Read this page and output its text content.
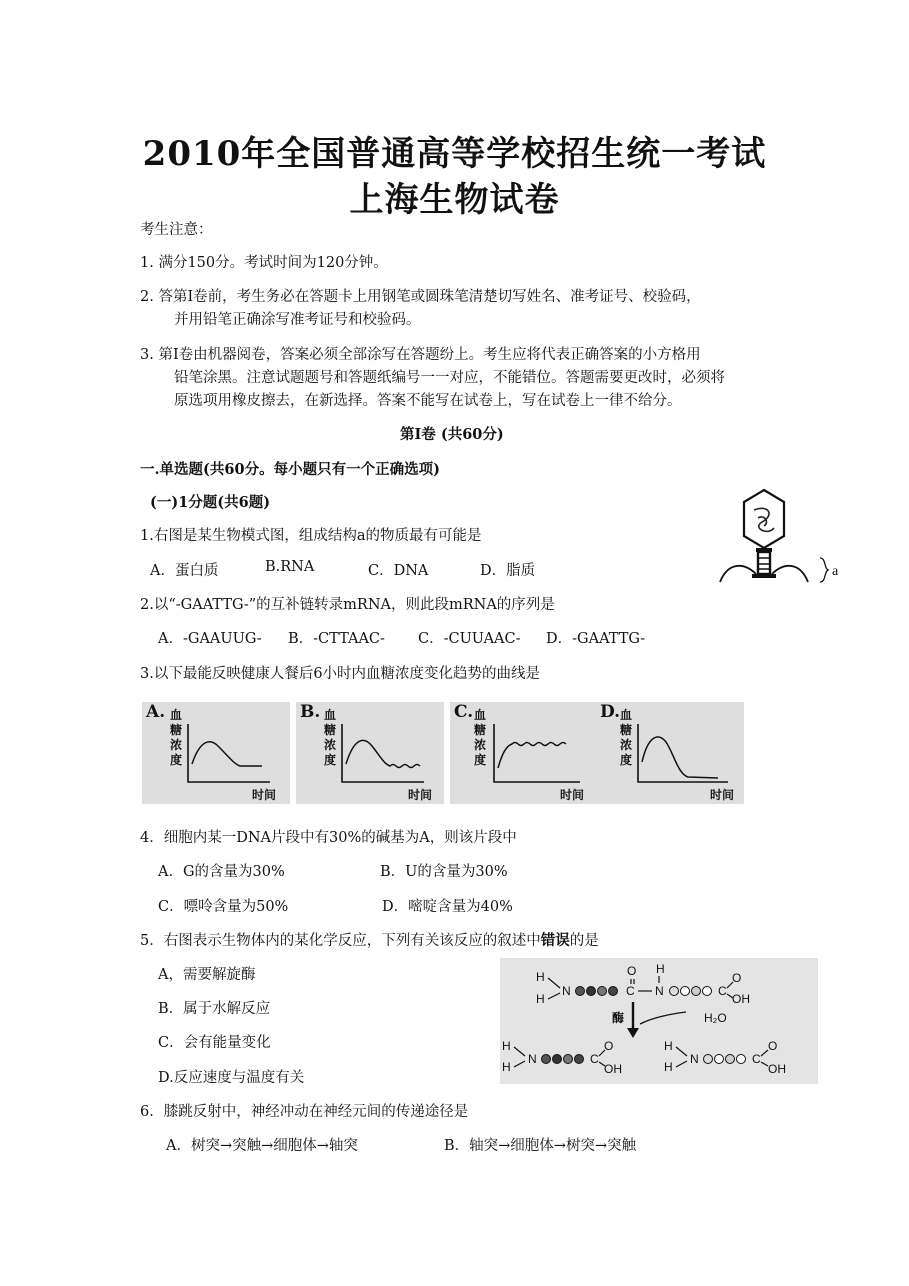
2010年全国普通高等学校招生统一考试
上海生物试卷
考生注意：
1. 满分150分。考试时间为120分钟。
2. 答第Ⅰ卷前，考生务必在答题卡上用钢笔或圆珠笔清楚切写姓名、准考证号、校验码，
并用铅笔正确涂写准考证号和校验码。
3. 第Ⅰ卷由机器阅卷，答案必须全部涂写在答题纷上。考生应将代表正确答案的小方格用
铅笔涂黑。注意试题题号和答题纸编号一一对应，不能错位。答题需要更改时，必须将
原选项用橡皮擦去，在新选择。答案不能写在试卷上，写在试卷上一律不给分。
第Ⅰ卷 (共60分)
一.单选题(共60分。每小题只有一个正确选项)
(一)1分题(共6题)
1.右图是某生物模式图，组成结构a的物质最有可能是
A．蛋白质	B.RNA	C．DNA	D．脂质	a
2.以“-GAATTG-”的互补链转录mRNA，则此段mRNA的序列是
A．-GAAUUG- B．-CTTAAC- C．-CUUAAC- D．-GAATTG-
3.以下最能反映健康人餐后6小时内血糖浓度变化趋势的曲线是
A. 血
糖
浓
度
时间
B. 血
糖
浓
度
时间
C. 血
糖
浓
度
时间
D. 血
糖
浓
度
时间
4．细胞内某一DNA片段中有30%的碱基为A，则该片段中
A．G的含量为30%	B．U的含量为30%
C．嘌呤含量为50%	D．嘧啶含量为40%
5．右图表示生物体内的某化学反应，下列有关该反应的叙述中错误的是
A，需要解旋酶
B．属于水解反应
C．会有能量变化
D.反应速度与温度有关
H
H
N	C
O
N
H
C
O
OH
酶	H₂O
H
H
N	C
O
OH
H
H
N	C
O
OH
6．膝跳反射中，神经冲动在神经元间的传递途径是
A．树突→突触→细胞体→轴突	B．轴突→细胞体→树突→突触
